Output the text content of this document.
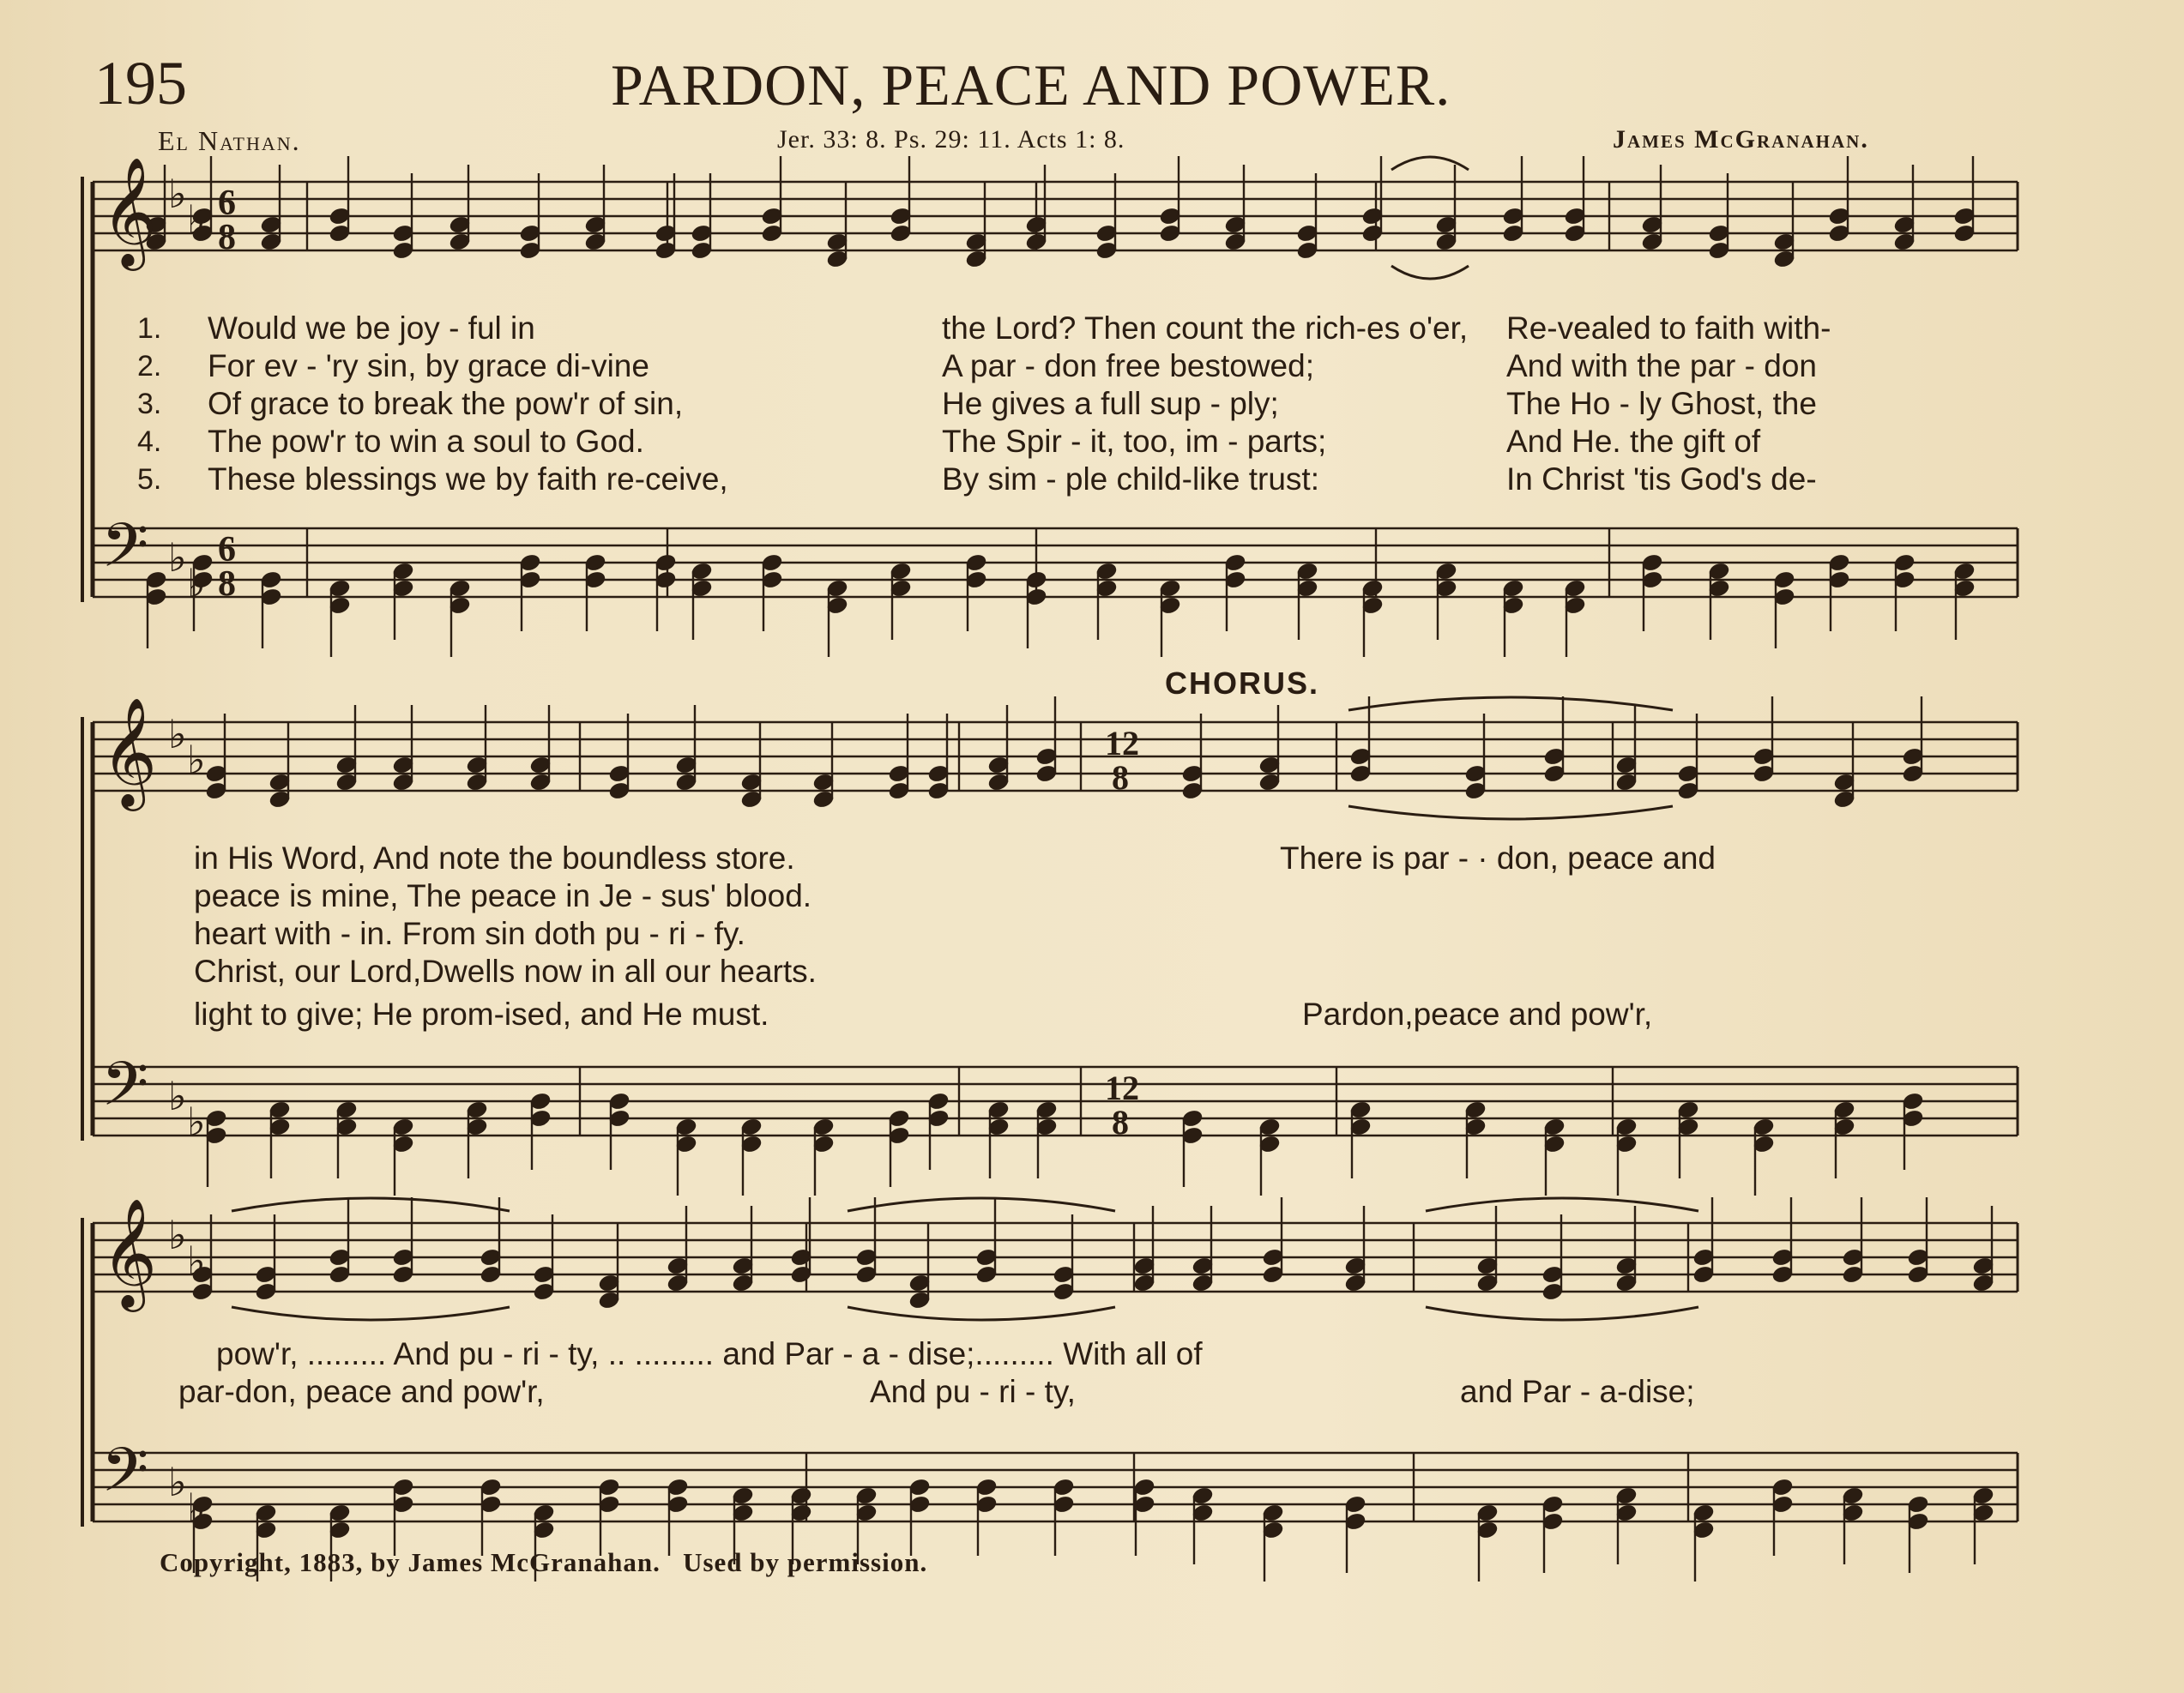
195	PARDON, PEACE AND POWER.
El Nathan.	Jer. 33: 8. Ps. 29: 11. Acts 1: 8.	James McGranahan.
𝄞
𝄢
♭
♭
♭
♭
6
8
6
8
𝄞
𝄢
♭
♭
♭
♭
12
8
12
8
𝄞
𝄢
♭
♭
♭
♭
1. Would we be joy - ful in	the Lord? Then count the rich-es o'er, Re-vealed to faith with-
in His Word, And note the boundless store.
2. For ev - 'ry sin, by grace di-vine	A par - don free bestowed;	And with the par - don
peace is mine, The peace in Je - sus' blood.
3. Of grace to break the pow'r of sin,	He gives a full sup - ply;	The Ho - ly Ghost, the
heart with - in. From sin doth pu - ri - fy.
4. The pow'r to win a soul to God.	The Spir - it, too, im - parts;	And He. the gift of
Christ, our Lord,Dwells now in all our hearts.
5. These blessings we by faith re-ceive,	By sim - ple child-like trust:	In Christ 'tis God's de-
light to give; He prom-ised, and He must.
CHORUS.
There is par - · don, peace and
Pardon,peace and pow'r,
pow'r, ......... And pu - ri - ty, .. ......... and Par - a - dise;......... With all of
par-don, peace and pow'r,	And pu - ri - ty,	and Par - a-dise;
Copyright, 1883, by James McGranahan. Used by permission.
